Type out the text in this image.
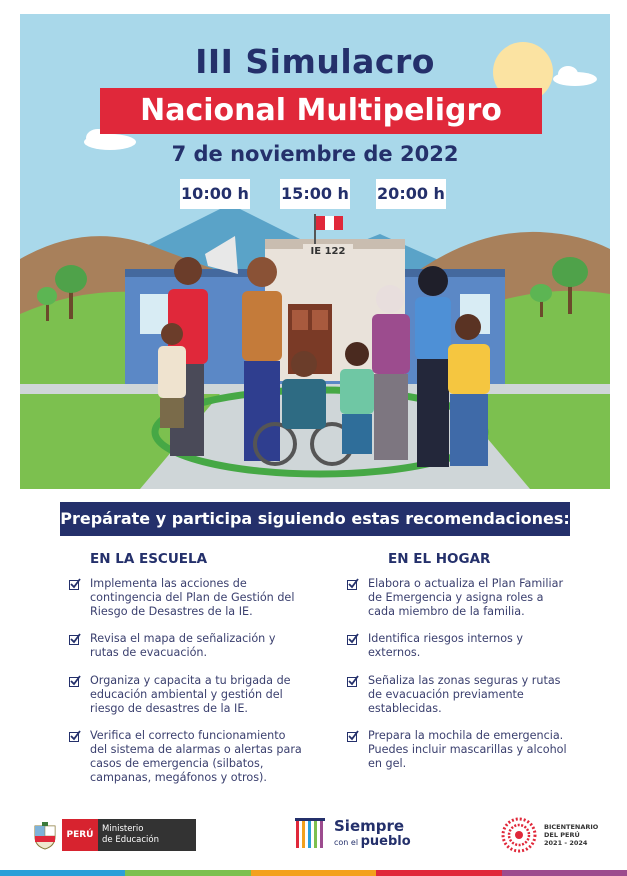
III Simulacro
Nacional Multipeligro
7 de noviembre de 2022
10:00 h 15:00 h 20:00 h
IE 122
Prepárate y participa siguiendo estas recomendaciones:
EN LA ESCUELA	EN EL HOGAR
Implementa las acciones de contingencia del Plan de Gestión del Riesgo de Desastres de la IE.
Revisa el mapa de señalización y rutas de evacuación.
Organiza y capacita a tu brigada de educación ambiental y gestión del riesgo de desastres de la IE.
Verifica el correcto funcionamiento del sistema de alarmas o alertas para casos de emergencia (silbatos, campanas, megáfonos y otros).
Elabora o actualiza el Plan Familiar de Emergencia y asigna roles a cada miembro de la familia.
Identifica riesgos internos y externos.
Señaliza las zonas seguras y rutas de evacuación previamente establecidas.
Prepara la mochila de emergencia. Puedes incluir mascarillas y alcohol en gel.
PERÚ
Ministerio
de Educación
Siempre
con el pueblo
BICENTENARIO
DEL PERÚ
2021 - 2024
